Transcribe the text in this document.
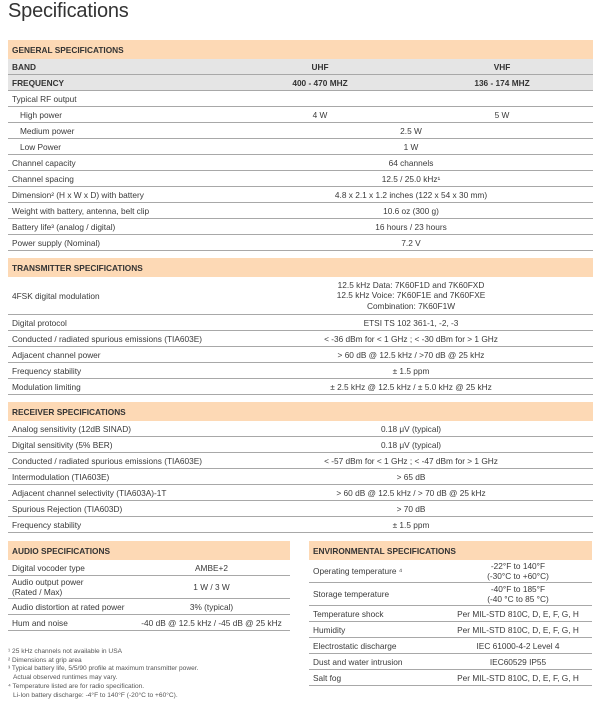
Specifications
GENERAL SPECIFICATIONS		
BAND	UHF	VHF
FREQUENCY	400 - 470 MHZ	136 - 174 MHZ
Typical RF output		
High power	4 W	5 W
Medium power	2.5 W	
Low Power	1 W	
Channel capacity	64 channels	
Channel spacing	12.5 / 25.0 kHz¹	
Dimension² (H x W x D) with battery	4.8 x 2.1 x 1.2 inches (122 x 54 x 30 mm)	
Weight with battery, antenna, belt clip	10.6 oz (300 g)	
Battery life³ (analog / digital)	16 hours / 23 hours	
Power supply (Nominal)	7.2 V	
TRANSMITTER SPECIFICATIONS	
4FSK digital modulation	12.5 kHz Data: 7K60F1D and 7K60FXD
12.5 kHz Voice: 7K60F1E and 7K60FXE
Combination: 7K60F1W

Digital protocol	ETSI TS 102 361-1, -2, -3
Conducted / radiated spurious emissions (TIA603E)	< -36 dBm for < 1 GHz ; < -30 dBm for > 1 GHz
Adjacent channel power	> 60 dB @ 12.5 kHz / >70 dB @ 25 kHz
Frequency stability	± 1.5 ppm
Modulation limiting	± 2.5 kHz @ 12.5 kHz / ± 5.0 kHz @ 25 kHz
RECEIVER SPECIFICATIONS	
Analog sensitivity (12dB SINAD)	0.18 μV (typical)
Digital sensitivity (5% BER)	0.18 μV (typical)
Conducted / radiated spurious emissions (TIA603E)	< -57 dBm for < 1 GHz ; < -47 dBm for > 1 GHz
Intermodulation (TIA603E)	> 65 dB
Adjacent channel selectivity (TIA603A)-1T	> 60 dB @ 12.5 kHz / > 70 dB @ 25 kHz
Spurious Rejection (TIA603D)	> 70 dB
Frequency stability	± 1.5 ppm
AUDIO SPECIFICATIONS	
Digital vocoder type	AMBE+2

Audio output power
(Rated / Max)	1 W / 3 W
Audio distortion at rated power	3% (typical)
Hum and noise	-40 dB @ 12.5 kHz / -45 dB @ 25 kHz
ENVIRONMENTAL SPECIFICATIONS	
Operating temperature ⁴	-22°F to 140°F
(-30°C to +60°C)

Storage temperature	-40°F to 185°F
(-40 °C to 85 °C)

Temperature shock	Per MIL-STD 810C, D, E, F, G, H
Humidity	Per MIL-STD 810C, D, E, F, G, H
Electrostatic discharge	IEC 61000-4-2 Level 4
Dust and water intrusion	IEC60529 IP55
Salt fog	Per MIL-STD 810C, D, E, F, G, H
¹ 25 kHz channels not available in USA
² Dimensions at grip area
³ Typical battery life, 5/5/90 profile at maximum transmitter power.
Actual observed runtimes may vary.
⁴ Temperature listed are for radio specification.
Li-Ion battery discharge: -4°F to 140°F (-20°C to +60°C).
